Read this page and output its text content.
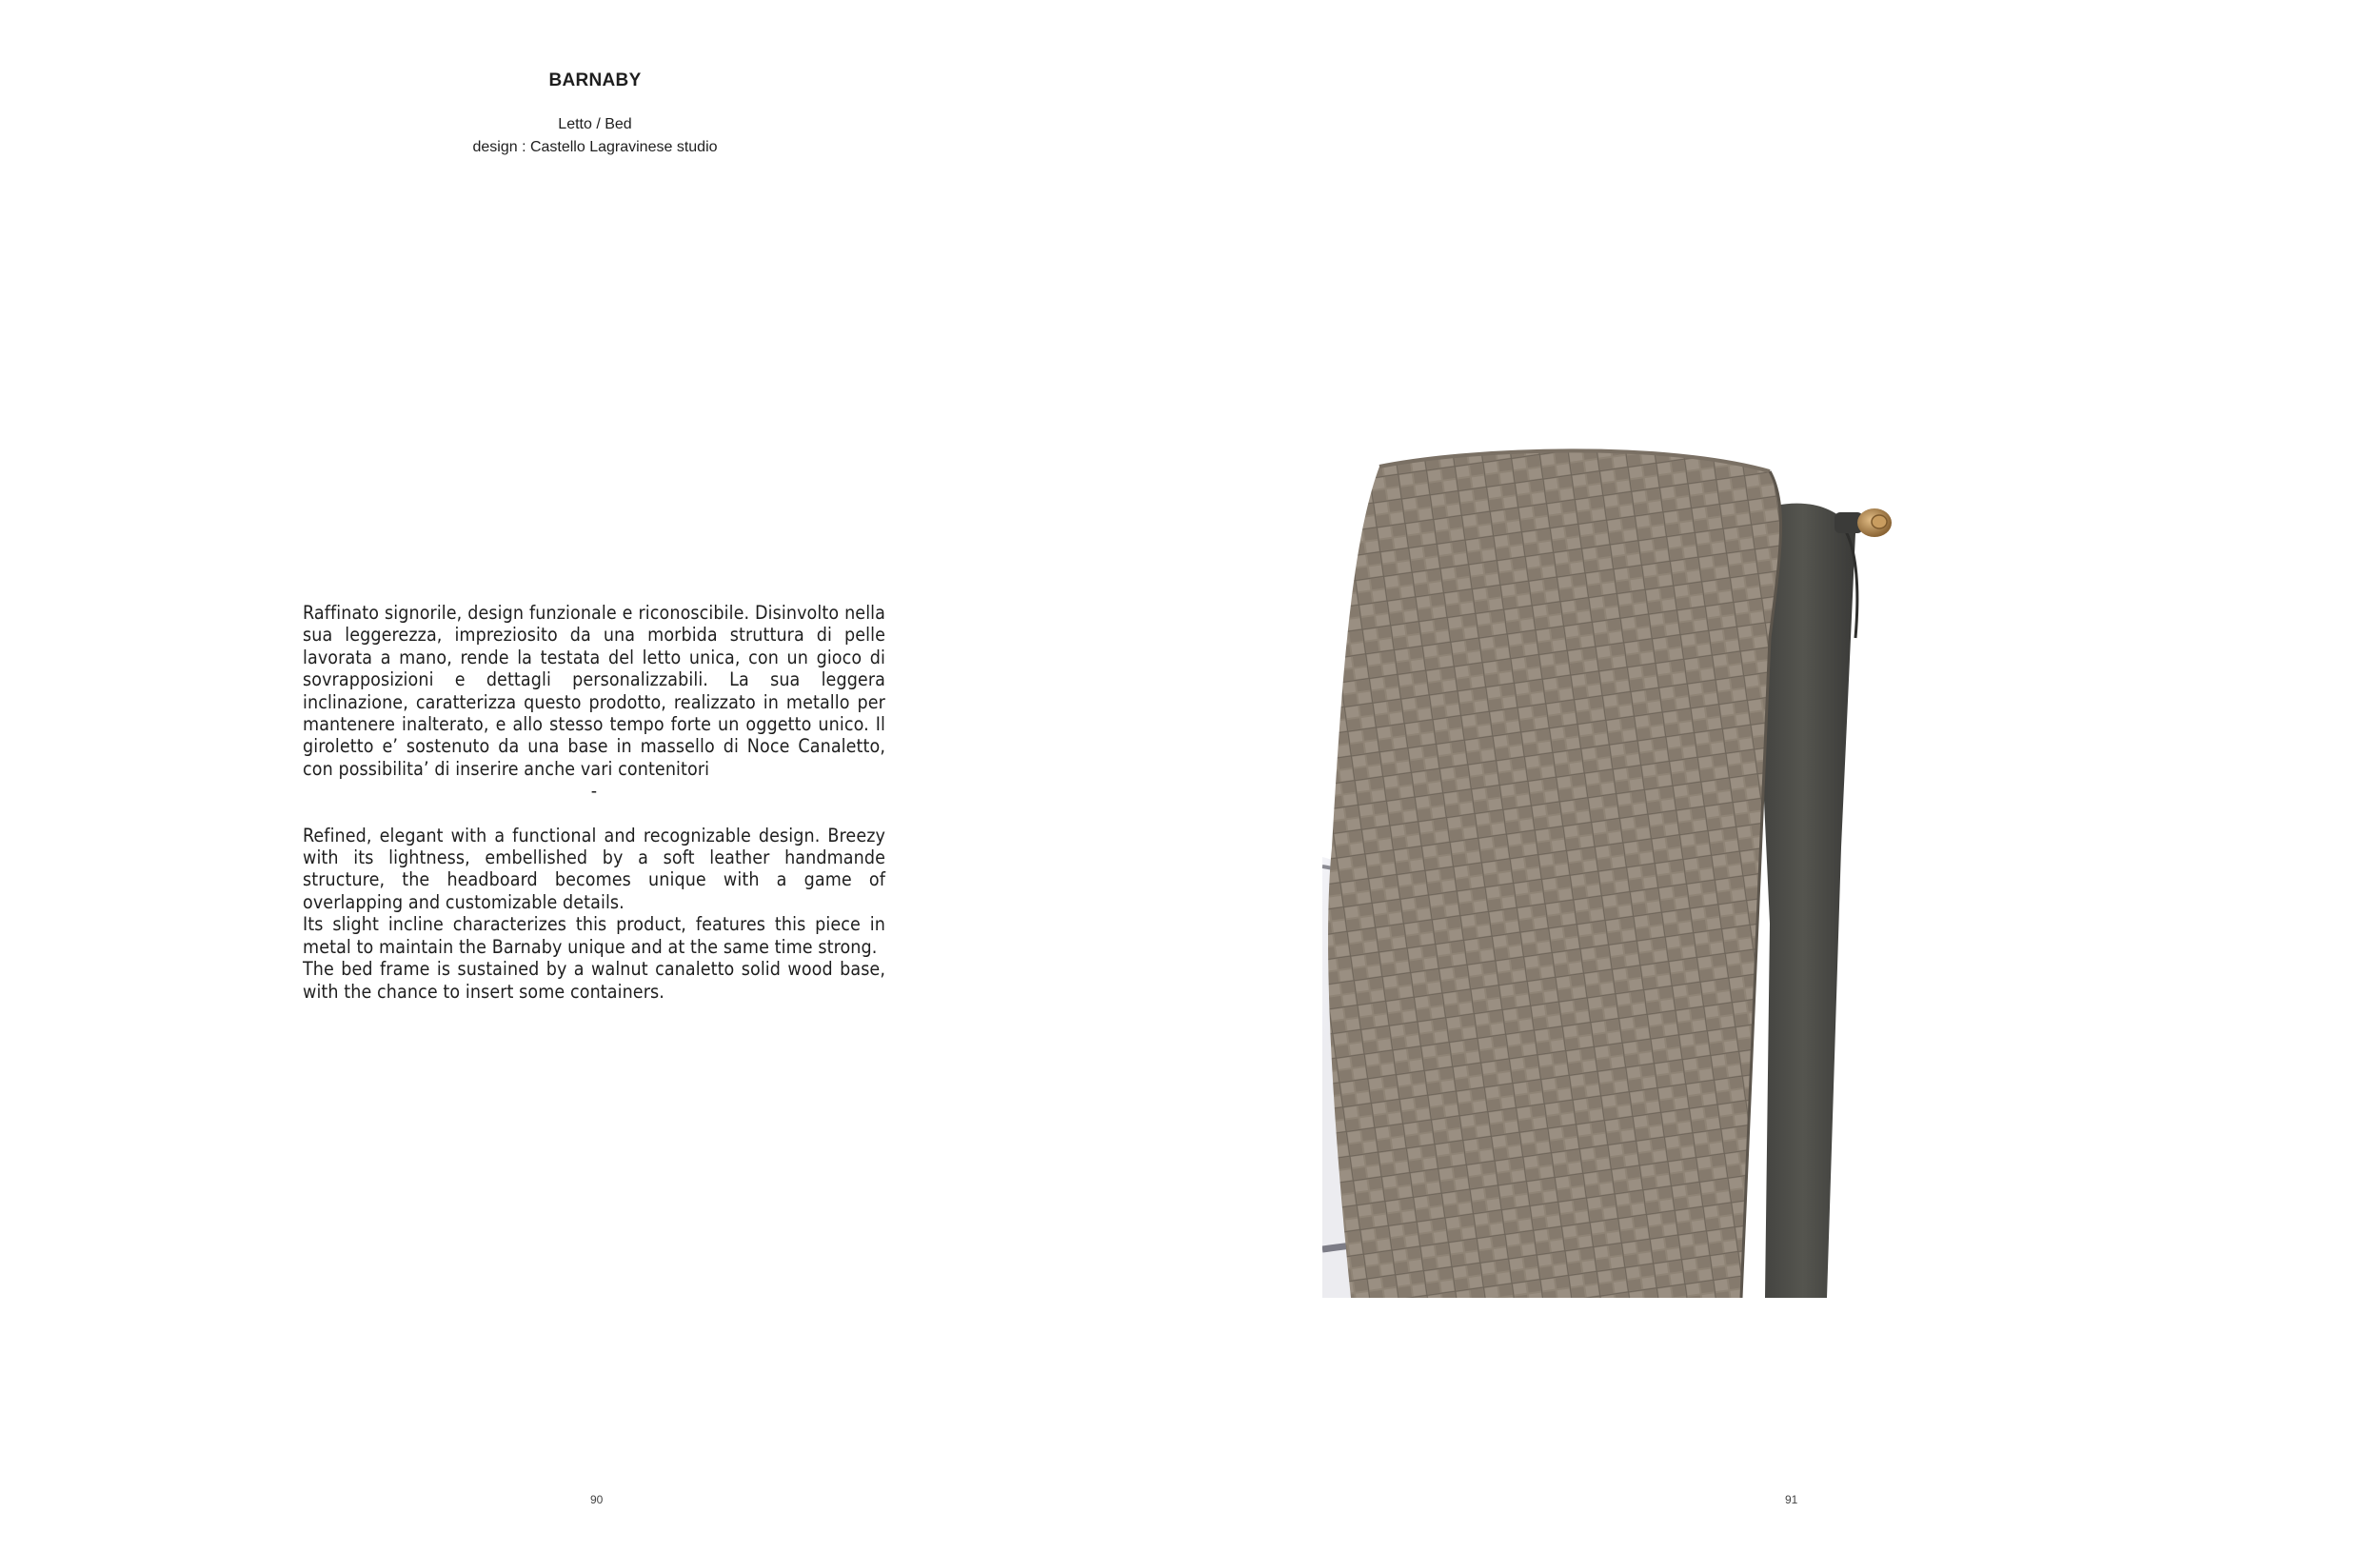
BARNABY
Letto / Bed
design : Castello Lagravinese studio

Raffinato signorile, design funzionale e riconoscibile. Disinvolto nella sua leggerezza, impreziosito da una morbida struttura di pelle lavorata a mano, rende la testata del letto unica, con un gioco di sovrapposizioni e dettagli personalizzabili. La sua leggera inclinazione, caratterizza questo prodotto, realizzato in metallo per mantenere inalterato, e allo stesso tempo forte un oggetto unico. Il giroletto e’ sostenuto da una base in massello di Noce Canaletto, con possibilita’ di inserire anche vari contenitori

-

Refined, elegant with a functional and recognizable design. Breezy with its lightness, embellished by a soft leather handmande structure, the headboard becomes unique with a game of overlapping and customizable details.

Its slight incline characterizes this product, features this piece in metal to maintain the Barnaby unique and at the same time strong.

The bed frame is sustained by a walnut canaletto solid wood base, with the chance to insert some containers.

90	91
